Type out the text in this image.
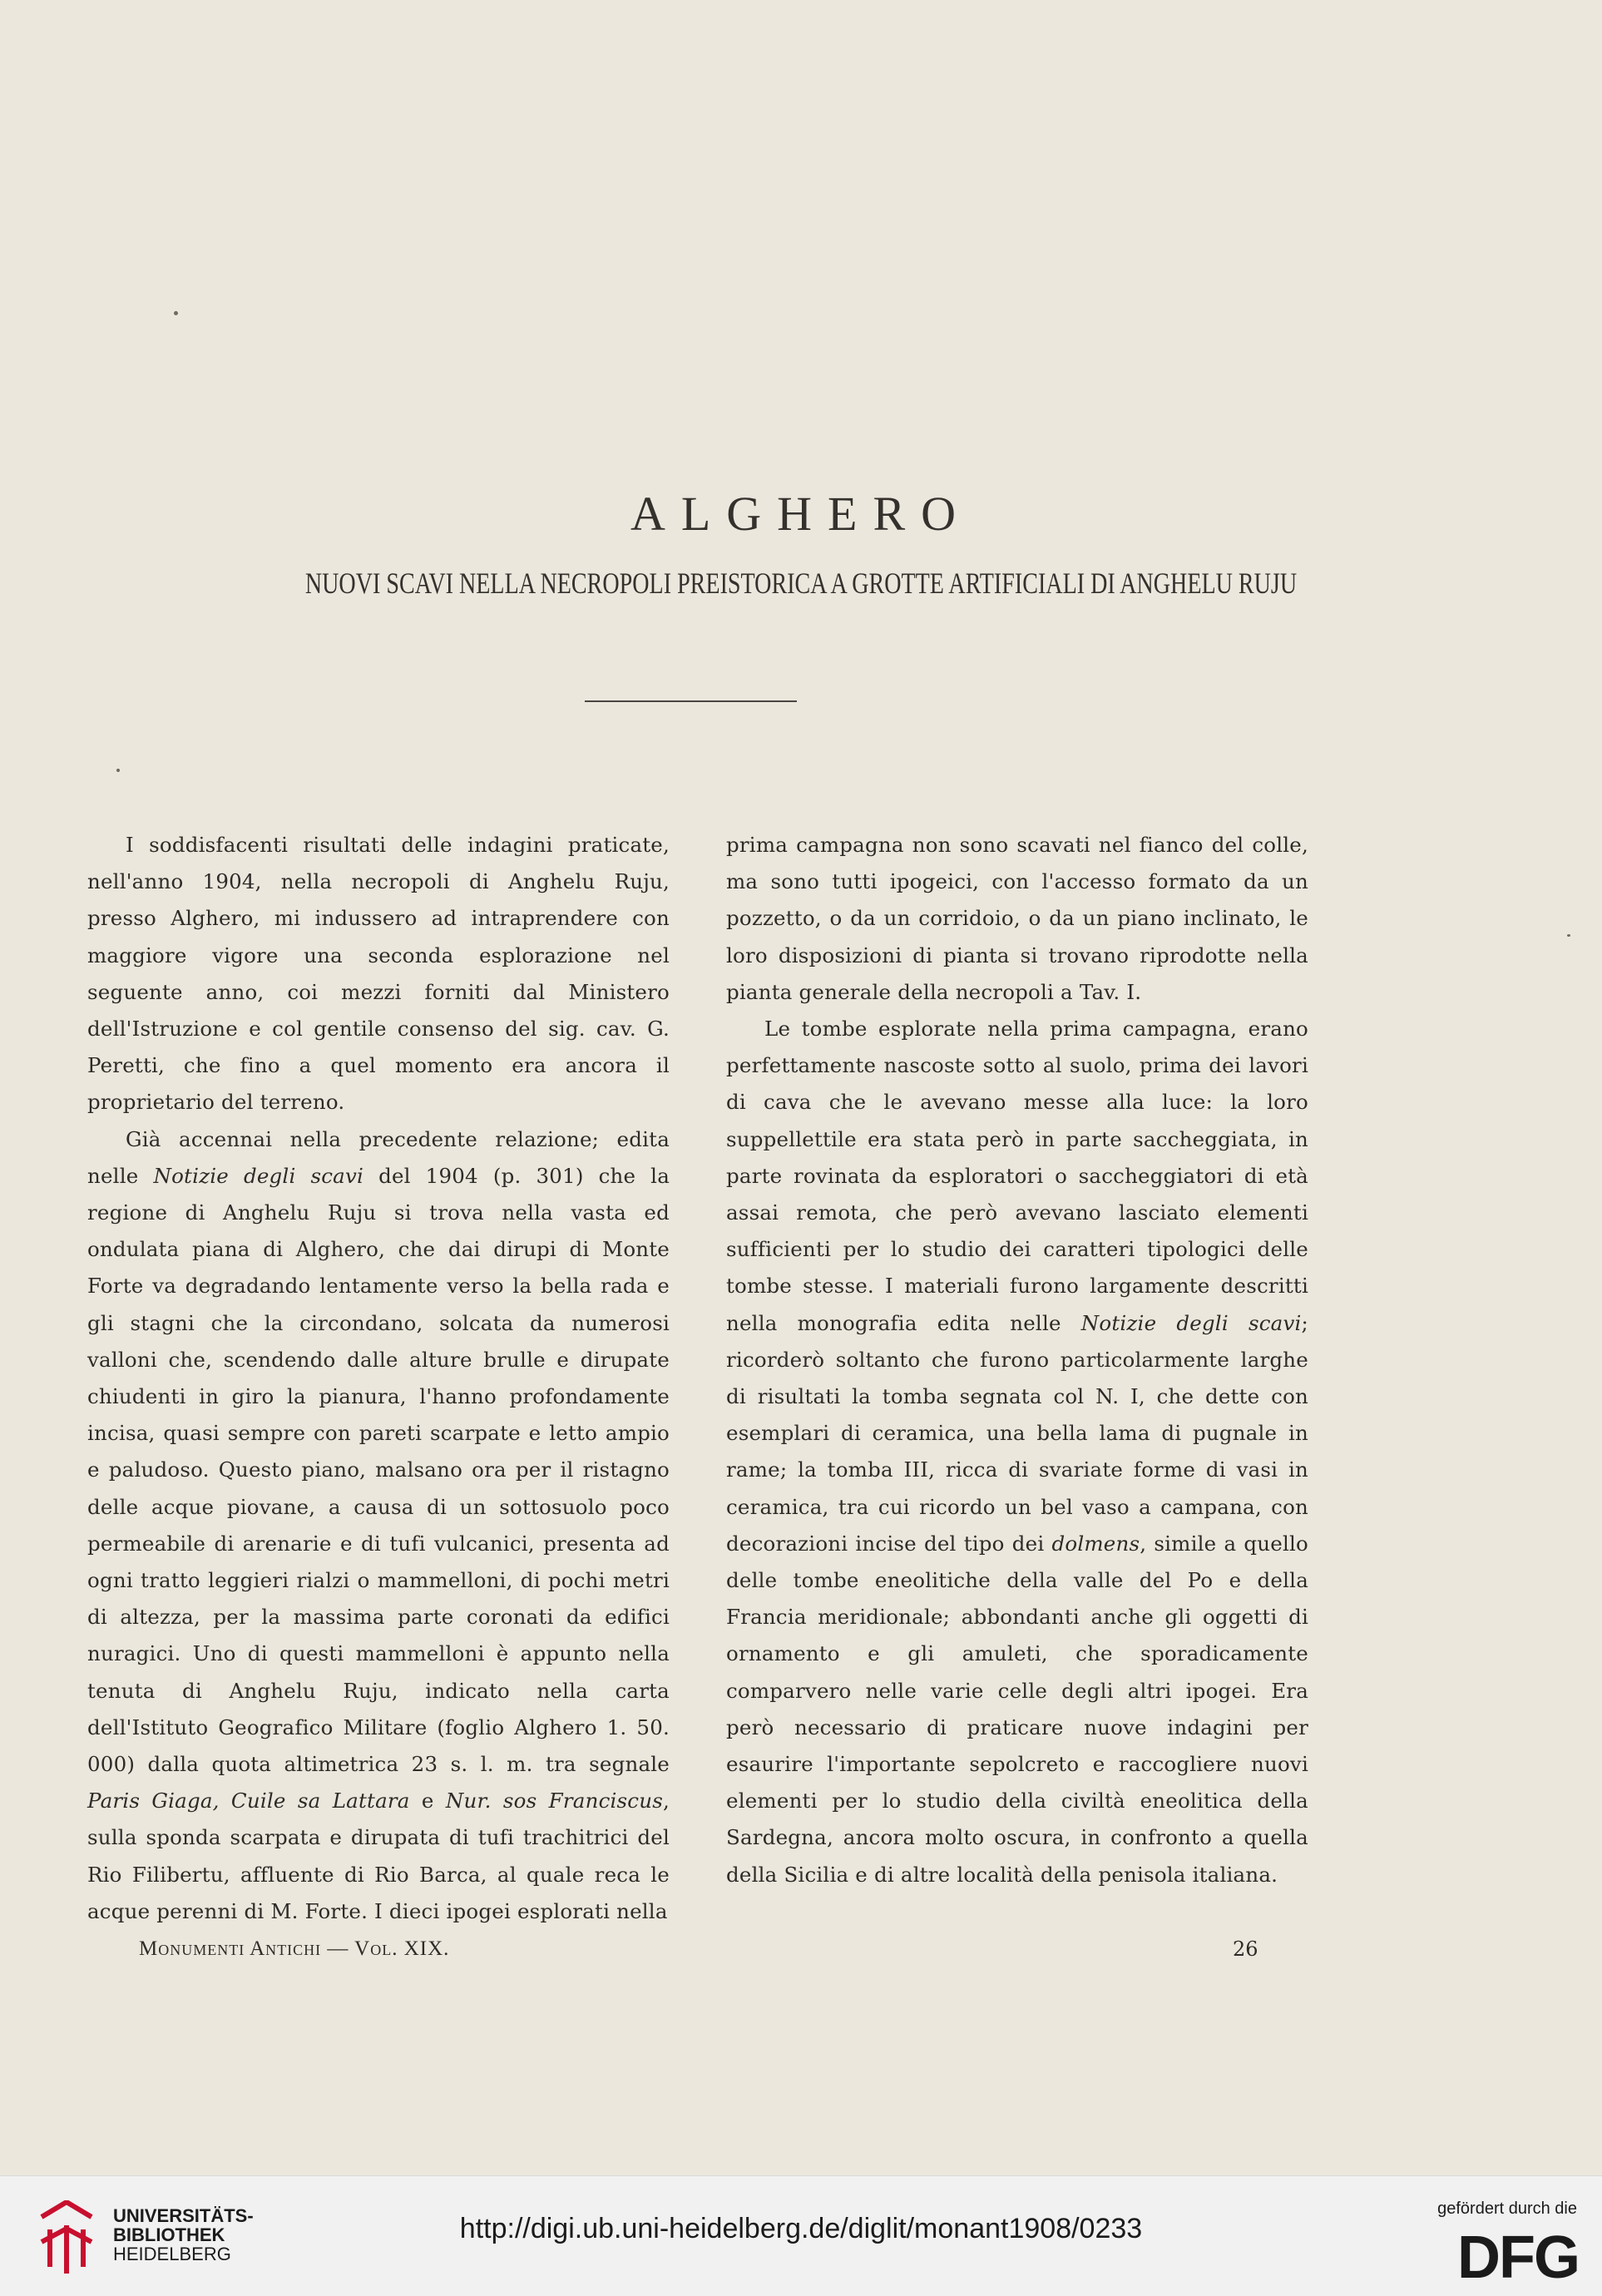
ALGHERO
NUOVI SCAVI NELLA NECROPOLI PREISTORICA A GROTTE ARTIFICIALI DI ANGHELU RUJU

I soddisfacenti risultati delle indagini praticate, nell'anno 1904, nella necropoli di Anghelu Ruju, presso Alghero, mi indussero ad intraprendere con maggiore vigore una seconda esplorazione nel seguente anno, coi mezzi forniti dal Ministero dell'Istruzione e col gentile consenso del sig. cav. G. Peretti, che fino a quel momento era ancora il proprietario del terreno.

Già accennai nella precedente relazione; edita nelle Notizie degli scavi del 1904 (p. 301) che la regione di Anghelu Ruju si trova nella vasta ed ondulata piana di Alghero, che dai dirupi di Monte Forte va degradando lentamente verso la bella rada e gli stagni che la circondano, solcata da numerosi valloni che, scendendo dalle alture brulle e dirupate chiudenti in giro la pianura, l'hanno profondamente incisa, quasi sempre con pareti scarpate e letto ampio e paludoso. Questo piano, malsano ora per il ristagno delle acque piovane, a causa di un sottosuolo poco permeabile di arenarie e di tufi vulcanici, presenta ad ogni tratto leggieri rialzi o mammelloni, di pochi metri di altezza, per la massima parte coronati da edifici nuragici. Uno di questi mammelloni è appunto nella tenuta di Anghelu Ruju, indicato nella carta dell'Istituto Geografico Militare (foglio Alghero 1. 50. 000) dalla quota altimetrica 23 s. l. m. tra segnale Paris Giaga, Cuile sa Lattara e Nur. sos Franciscus, sulla sponda scarpata e dirupata di tufi trachitrici del Rio Filibertu, affluente di Rio Barca, al quale reca le acque perenni di M. Forte. I dieci ipogei esplorati nella

prima campagna non sono scavati nel fianco del colle, ma sono tutti ipogeici, con l'accesso formato da un pozzetto, o da un corridoio, o da un piano inclinato, le loro disposizioni di pianta si trovano riprodotte nella pianta generale della necropoli a Tav. I.

Le tombe esplorate nella prima campagna, erano perfettamente nascoste sotto al suolo, prima dei lavori di cava che le avevano messe alla luce: la loro suppellettile era stata però in parte saccheggiata, in parte rovinata da esploratori o saccheggiatori di età assai remota, che però avevano lasciato elementi sufficienti per lo studio dei caratteri tipologici delle tombe stesse. I materiali furono largamente descritti nella monografia edita nelle Notizie degli scavi; ricorderò soltanto che furono particolarmente larghe di risultati la tomba segnata col N. I, che dette con esemplari di ceramica, una bella lama di pugnale in rame; la tomba III, ricca di svariate forme di vasi in ceramica, tra cui ricordo un bel vaso a campana, con decorazioni incise del tipo dei dolmens, simile a quello delle tombe eneolitiche della valle del Po e della Francia meridionale; abbondanti anche gli oggetti di ornamento e gli amuleti, che sporadicamente comparvero nelle varie celle degli altri ipogei. Era però necessario di praticare nuove indagini per esaurire l'importante sepolcreto e raccogliere nuovi elementi per lo studio della civiltà eneolitica della Sardegna, ancora molto oscura, in confronto a quella della Sicilia e di altre località della penisola italiana.

Monumenti Antichi — Vol. XIX.	26
UNIVERSITÄTS-
BIBLIOTHEK
HEIDELBERG
http://digi.ub.uni-heidelberg.de/diglit/monant1908/0233
gefördert durch die
DFG
